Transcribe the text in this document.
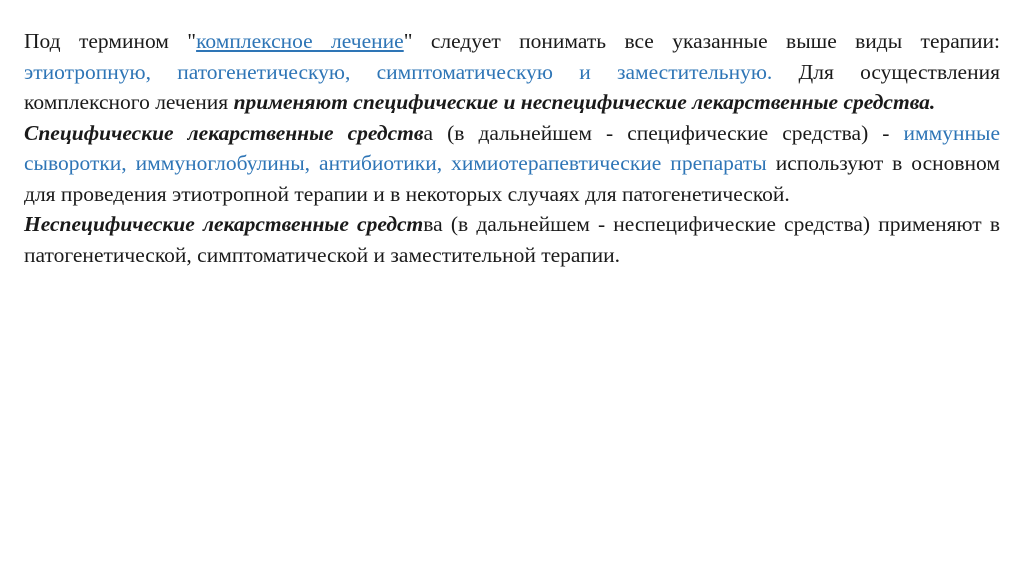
Под термином "комплексное лечение" следует понимать все указанные выше виды терапии: этиотропную, патогенетическую, симптоматическую и заместительную. Для осуществления комплексного лечения применяют специфические и неспецифические лекарственные средства.

Специфические лекарственные средства (в дальнейшем - специфические средства) - иммунные сыворотки, иммуноглобулины, антибиотики, химиотерапевтические препараты используют в основном для проведения этиотропной терапии и в некоторых случаях для патогенетической.

Неспецифические лекарственные средства (в дальнейшем - неспецифические средства) применяют в патогенетической, симптоматической и заместительной терапии.
